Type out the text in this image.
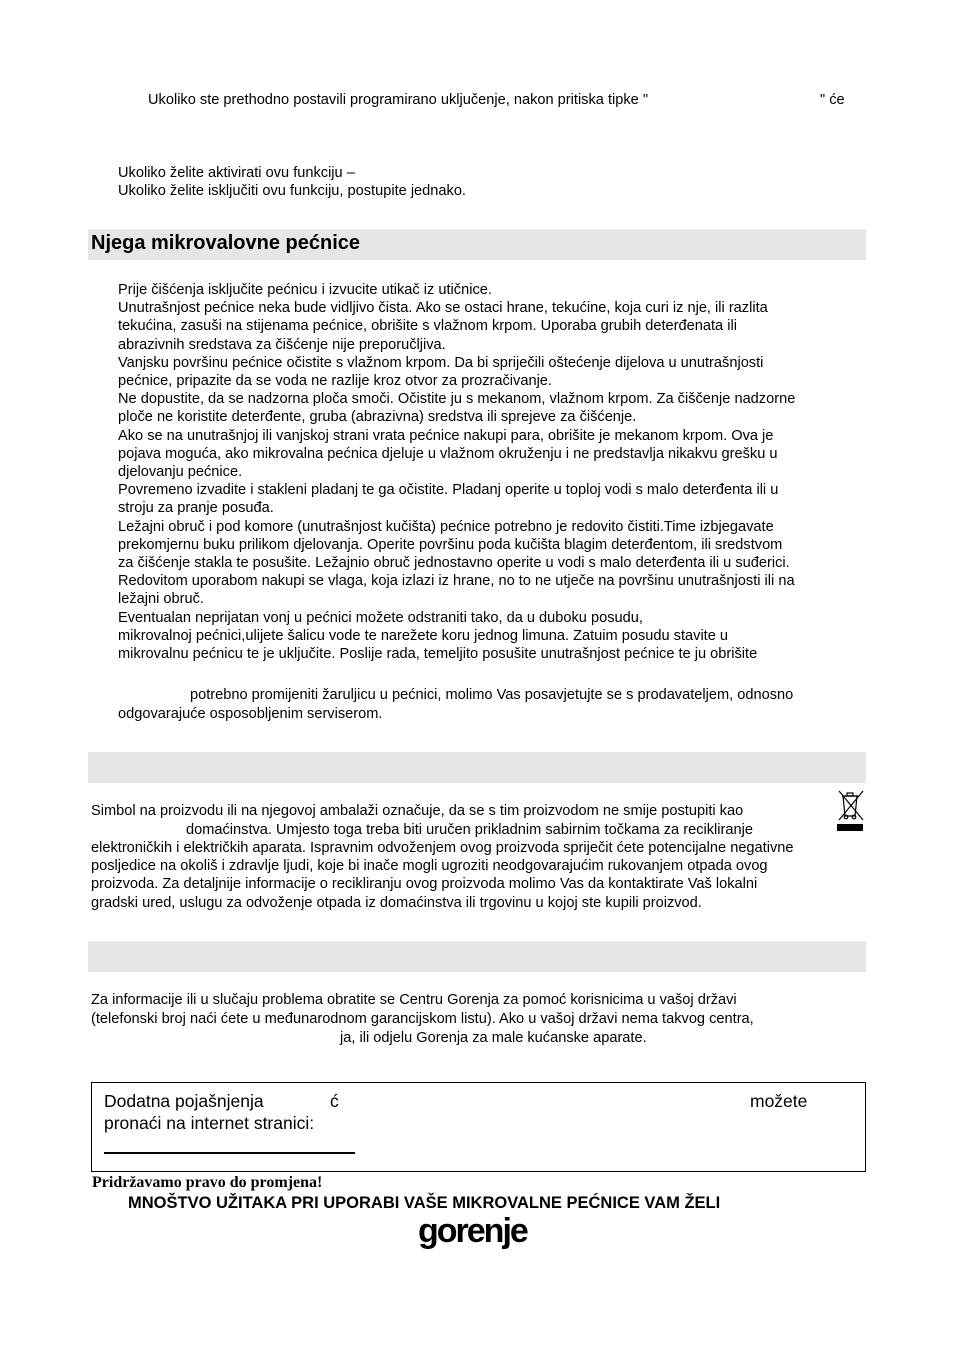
Ukoliko ste prethodno postavili programirano uključenje, nakon pritiska tipke "	" će

Ukoliko želite aktivirati ovu funkciju –

Ukoliko želite isključiti ovu funkciju, postupite jednako.

Njega mikrovalovne pećnice

Prije čišćenja isključite pećnicu i izvucite utikač iz utičnice.

Unutrašnjost pećnice neka bude vidljivo čista. Ako se ostaci hrane, tekućine, koja curi iz nje, ili razlita

tekućina, zasuši na stijenama pećnice, obrišite s vlažnom krpom. Uporaba grubih deterđenata ili

abrazivnih sredstava za čišćenje nije preporučljiva.

Vanjsku površinu pećnice očistite s vlažnom krpom. Da bi spriječili oštećenje dijelova u unutrašnjosti

pećnice, pripazite da se voda ne razlije kroz otvor za prozračivanje.

Ne dopustite, da se nadzorna ploča smoči. Očistite ju s mekanom, vlažnom krpom. Za čiščenje nadzorne

ploče ne koristite deterđente, gruba (abrazivna) sredstva ili sprejeve za čišćenje.

Ako se na unutrašnjoj ili vanjskoj strani vrata pećnice nakupi para, obrišite je mekanom krpom. Ova je

pojava moguća, ako mikrovalna pećnica djeluje u vlažnom okruženju i ne predstavlja nikakvu grešku u

djelovanju pećnice.

Povremeno izvadite i stakleni pladanj te ga očistite. Pladanj operite u toploj vodi s malo deterđenta ili u

stroju za pranje posuđa.

Ležajni obruč i pod komore (unutrašnjost kučišta) pećnice potrebno je redovito čistiti.Time izbjegavate

prekomjernu buku prilikom djelovanja. Operite površinu poda kučišta blagim deterđentom, ili sredstvom

za čišćenje stakla te posušite. Ležajnio obruč jednostavno operite u vodi s malo deterđenta ili u suđerici.

Redovitom uporabom nakupi se vlaga, koja izlazi iz hrane, no to ne utječe na površinu unutrašnjosti ili na

ležajni obruč.

Eventualan neprijatan vonj u pećnici možete odstraniti tako, da u duboku posudu,

mikrovalnoj pećnici,ulijete šalicu vode te narežete koru jednog limuna. Zatuim posudu stavite u

mikrovalnu pećnicu te je uključite. Poslije rada, temeljito posušite unutrašnjost pećnice te ju obrišite

potrebno promijeniti žarulјicu u pećnici, molimo Vas posavjetujte se s prodavateljem, odnosno

odgovarajuće osposobljenim serviserom.

Simbol na proizvodu ili na njegovoj ambalaži označuje, da se s tim proizvodom ne smije postupiti kao

domaćinstva. Umjesto toga treba biti uručen prikladnim sabirnim točkama za recikliranje

elektroničkih i električkih aparata. Ispravnim odvoženjem ovog proizvoda spriječit ćete potencijalne negativne

posljedice na okoliš i zdravlje ljudi, koje bi inače mogli ugroziti neodgovarajućim rukovanjem otpada ovog

proizvoda. Za detaljnije informacije o recikliranju ovog proizvoda molimo Vas da kontaktirate Vaš lokalni

gradski ured, uslugu za odvoženje otpada iz domaćinstva ili trgovinu u kojoj ste kupili proizvod.

Za informacije ili u slučaju problema obratite se Centru Gorenja za pomoć korisnicima u vašoj državi

(telefonski broj naći ćete u međunarodnom garancijskom listu). Ako u vašoj državi nema takvog centra,

ja, ili odjelu Gorenja za male kućanske aparate.

Dodatna pojašnjenja	ć	možete

pronaći na internet stranici:

Pridržavamo pravo do promjena!

MNOŠTVO UŽITAKA PRI UPORABI VAŠE MIKROVALNE PEĆNICE VAM ŽELI

gorenje
